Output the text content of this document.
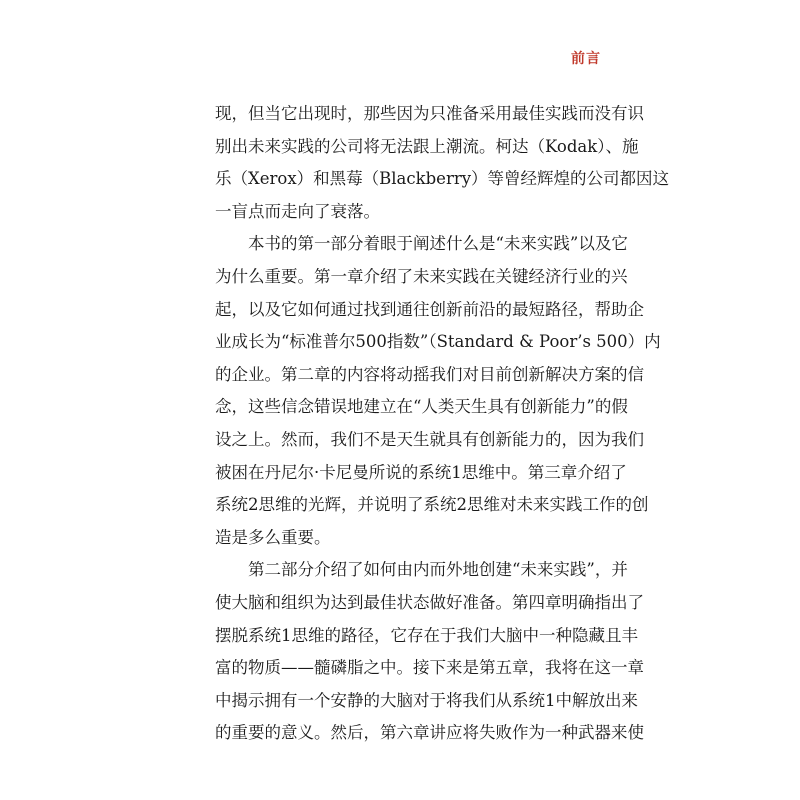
前言
现，但当它出现时，那些因为只准备采用最佳实践而没有识
别出未来实践的公司将无法跟上潮流。柯达（Kodak）、施
乐（Xerox）和黑莓（Blackberry）等曾经辉煌的公司都因这
一盲点而走向了衰落。
本书的第一部分着眼于阐述什么是“未来实践”以及它
为什么重要。第一章介绍了未来实践在关键经济行业的兴
起，以及它如何通过找到通往创新前沿的最短路径，帮助企
业成长为“标准普尔500指数”（Standard & Poor’s 500）内
的企业。第二章的内容将动摇我们对目前创新解决方案的信
念，这些信念错误地建立在“人类天生具有创新能力”的假
设之上。然而，我们不是天生就具有创新能力的，因为我们
被困在丹尼尔·卡尼曼所说的系统1思维中。第三章介绍了
系统2思维的光辉，并说明了系统2思维对未来实践工作的创
造是多么重要。
第二部分介绍了如何由内而外地创建“未来实践”，并
使大脑和组织为达到最佳状态做好准备。第四章明确指出了
摆脱系统1思维的路径，它存在于我们大脑中一种隐藏且丰
富的物质——髓磷脂之中。接下来是第五章，我将在这一章
中揭示拥有一个安静的大脑对于将我们从系统1中解放出来
的重要的意义。然后，第六章讲应将失败作为一种武器来使
